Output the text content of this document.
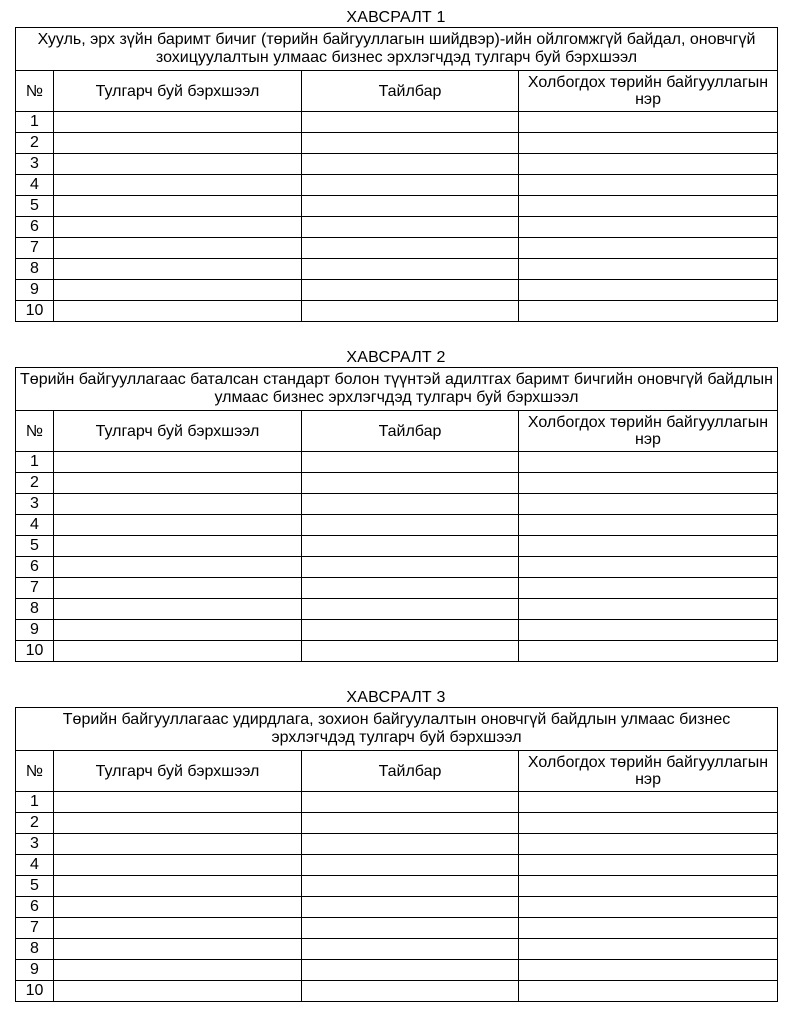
ХАВСРАЛТ 1
Хууль, эрх зүйн баримт бичиг (төрийн байгууллагын шийдвэр)-ийн ойлгомжгүй байдал, оновчгүй зохицуулалтын улмаас бизнес эрхлэгчдэд тулгарч буй бэрхшээл			
№	Тулгарч буй бэрхшээл	Тайлбар	Холбогдох төрийн байгууллагын нэр
1			
2			
3			
4			
5			
6			
7			
8			
9			
10			
ХАВСРАЛТ 2
Төрийн байгууллагаас баталсан стандарт болон түүнтэй адилтгах баримт бичгийн оновчгүй байдлын улмаас бизнес эрхлэгчдэд тулгарч буй бэрхшээл			
№	Тулгарч буй бэрхшээл	Тайлбар	Холбогдох төрийн байгууллагын нэр
1			
2			
3			
4			
5			
6			
7			
8			
9			
10			
ХАВСРАЛТ 3
Төрийн байгууллагаас удирдлага, зохион байгуулалтын оновчгүй байдлын улмаас бизнес эрхлэгчдэд тулгарч буй бэрхшээл			
№	Тулгарч буй бэрхшээл	Тайлбар	Холбогдох төрийн байгууллагын нэр
1			
2			
3			
4			
5			
6			
7			
8			
9			
10			
